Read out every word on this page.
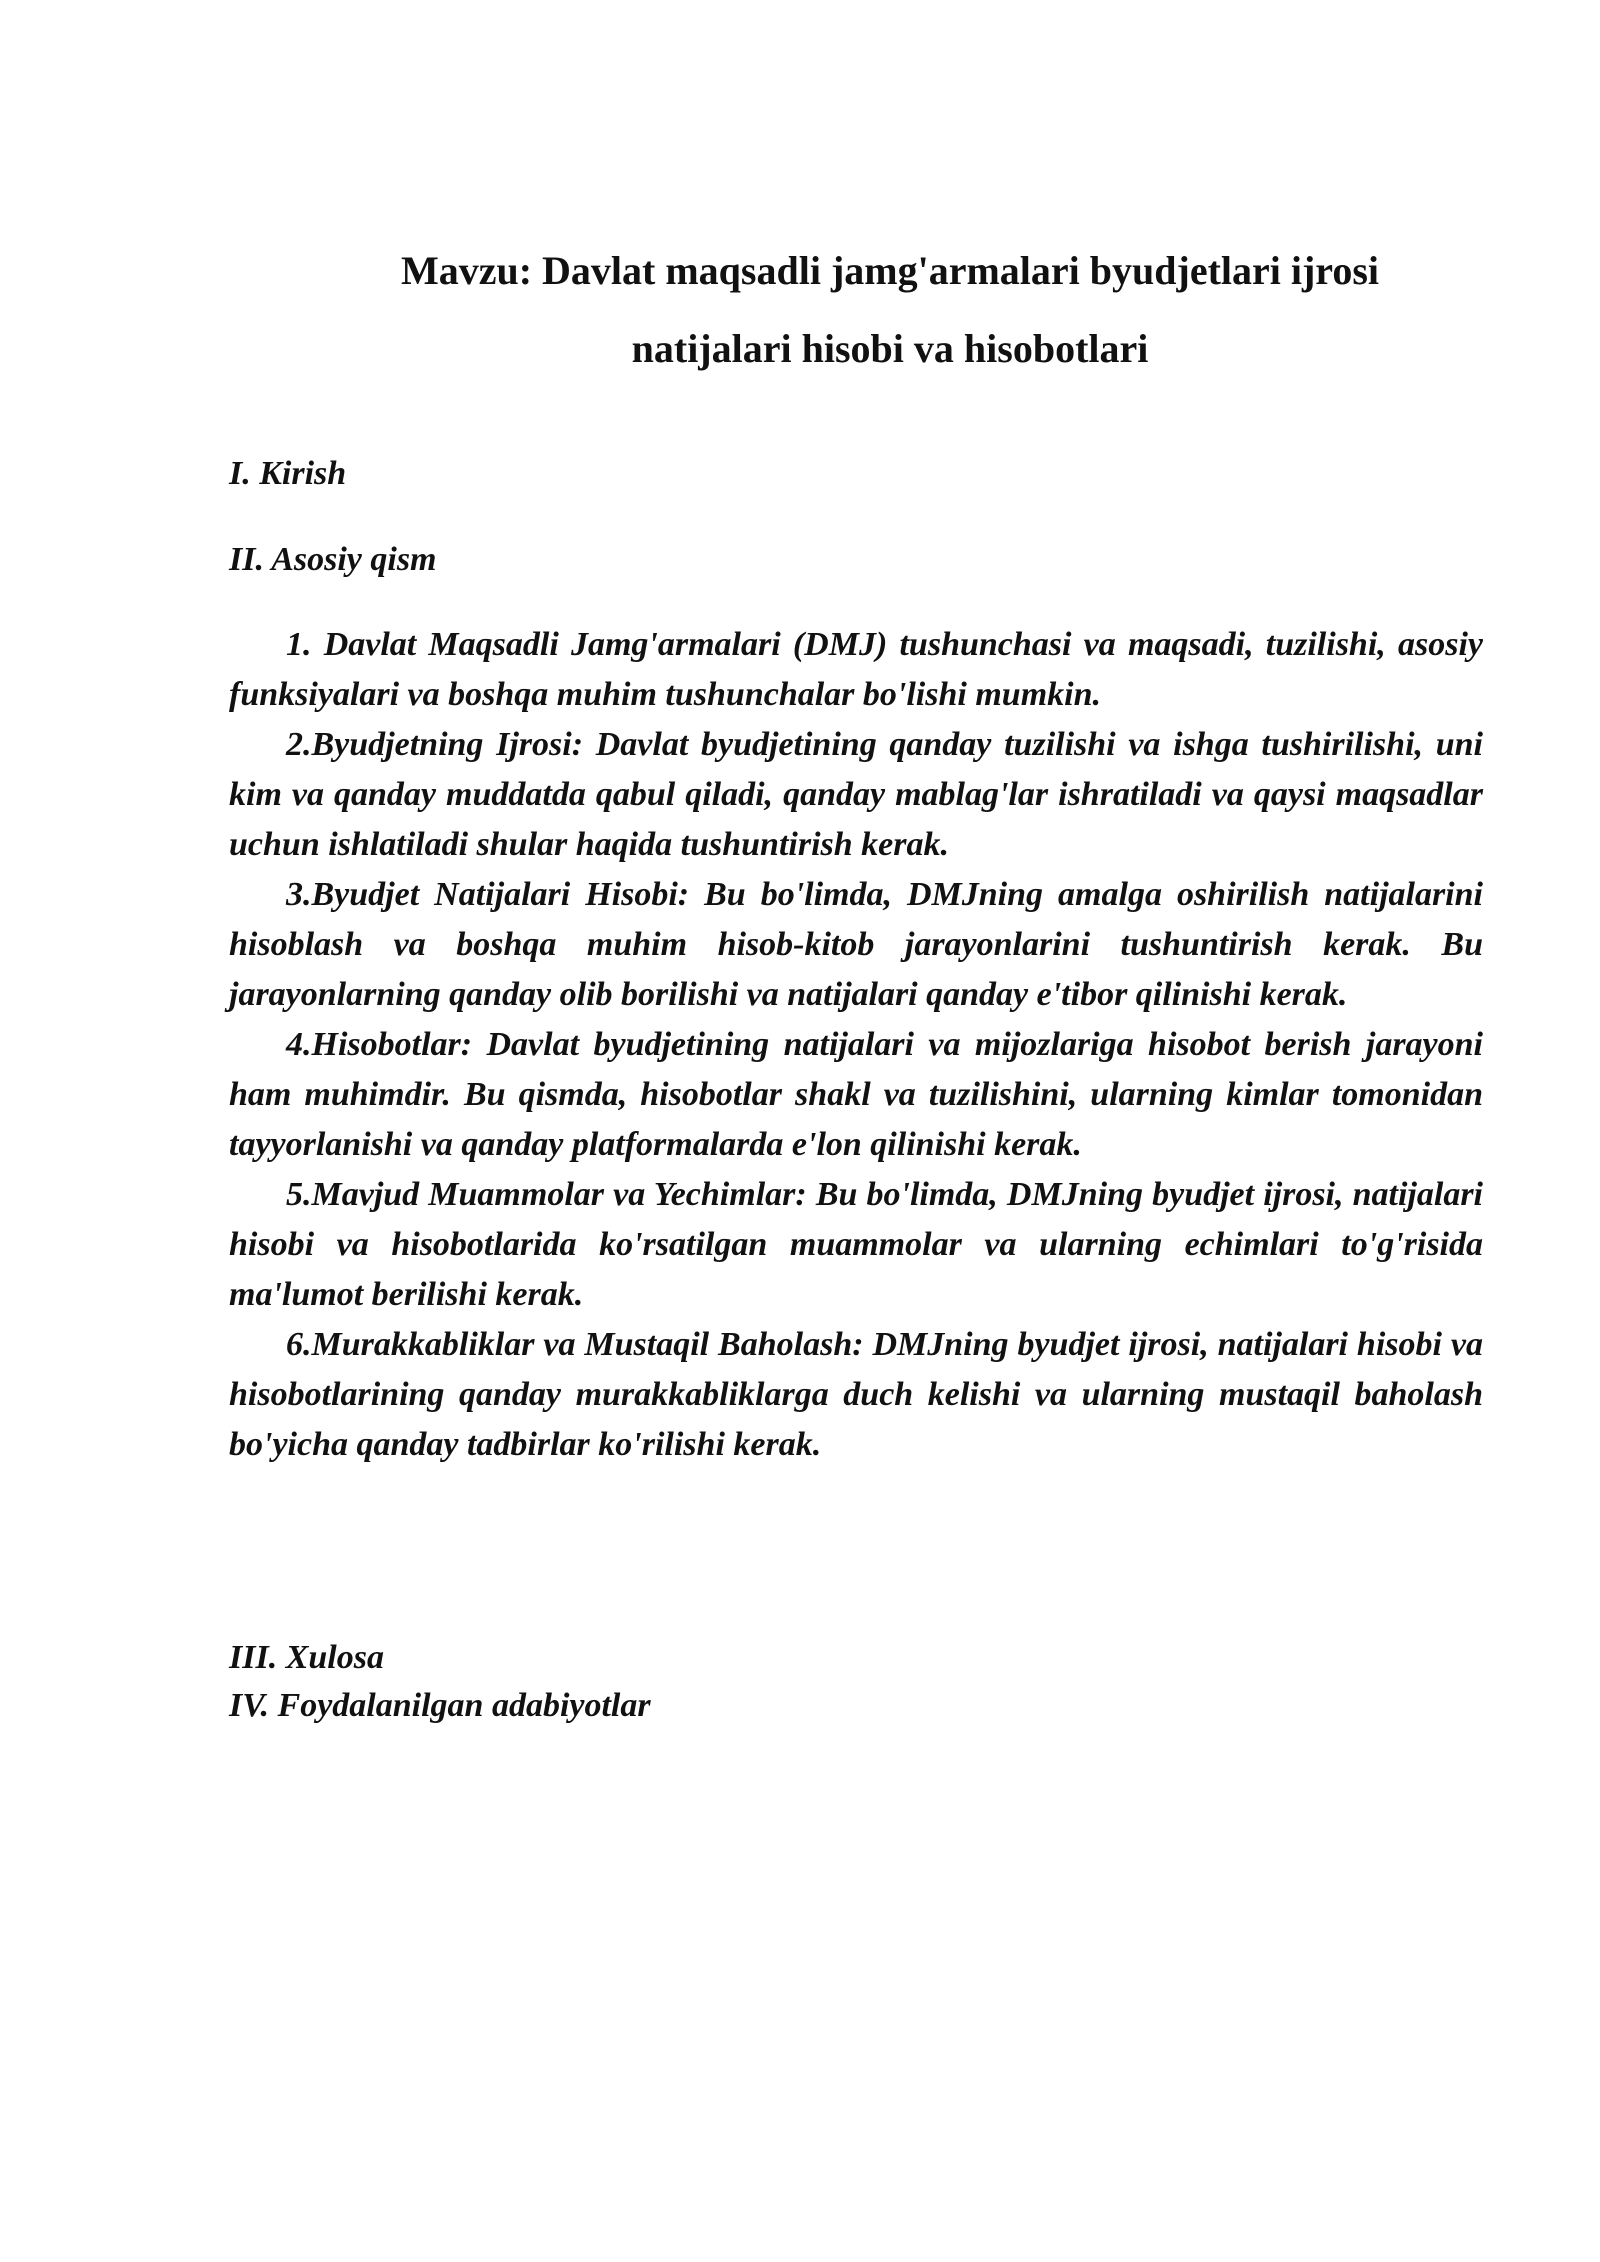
Mavzu: Davlat maqsadli jamg'armalari byudjetlari ijrosi
natijalari hisobi va hisobotlari
I. Kirish
II. Asosiy qism

1. Davlat Maqsadli Jamg'armalari (DMJ) tushunchasi va maqsadi, tuzilishi, asosiy funksiyalari va boshqa muhim tushunchalar bo'lishi mumkin.

2.Byudjetning Ijrosi: Davlat byudjetining qanday tuzilishi va ishga tushirilishi, uni kim va qanday muddatda qabul qiladi, qanday mablag'lar ishratiladi va qaysi maqsadlar uchun ishlatiladi shular haqida tushuntirish kerak.

3.Byudjet Natijalari Hisobi: Bu bo'limda, DMJning amalga oshirilish natijalarini hisoblash va boshqa muhim hisob-kitob jarayonlarini tushuntirish kerak. Bu jarayonlarning qanday olib borilishi va natijalari qanday e'tibor qilinishi kerak.

4.Hisobotlar: Davlat byudjetining natijalari va mijozlariga hisobot berish jarayoni ham muhimdir. Bu qismda, hisobotlar shakl va tuzilishini, ularning kimlar tomonidan tayyorlanishi va qanday platformalarda e'lon qilinishi kerak.

5.Mavjud Muammolar va Yechimlar: Bu bo'limda, DMJning byudjet ijrosi, natijalari hisobi va hisobotlarida ko'rsatilgan muammolar va ularning echimlari to'g'risida ma'lumot berilishi kerak.

6.Murakkabliklar va Mustaqil Baholash: DMJning byudjet ijrosi, natijalari hisobi va hisobotlarining qanday murakkabliklarga duch kelishi va ularning mustaqil baholash bo'yicha qanday tadbirlar ko'rilishi kerak.

III. Xulosa
IV. Foydalanilgan adabiyotlar
